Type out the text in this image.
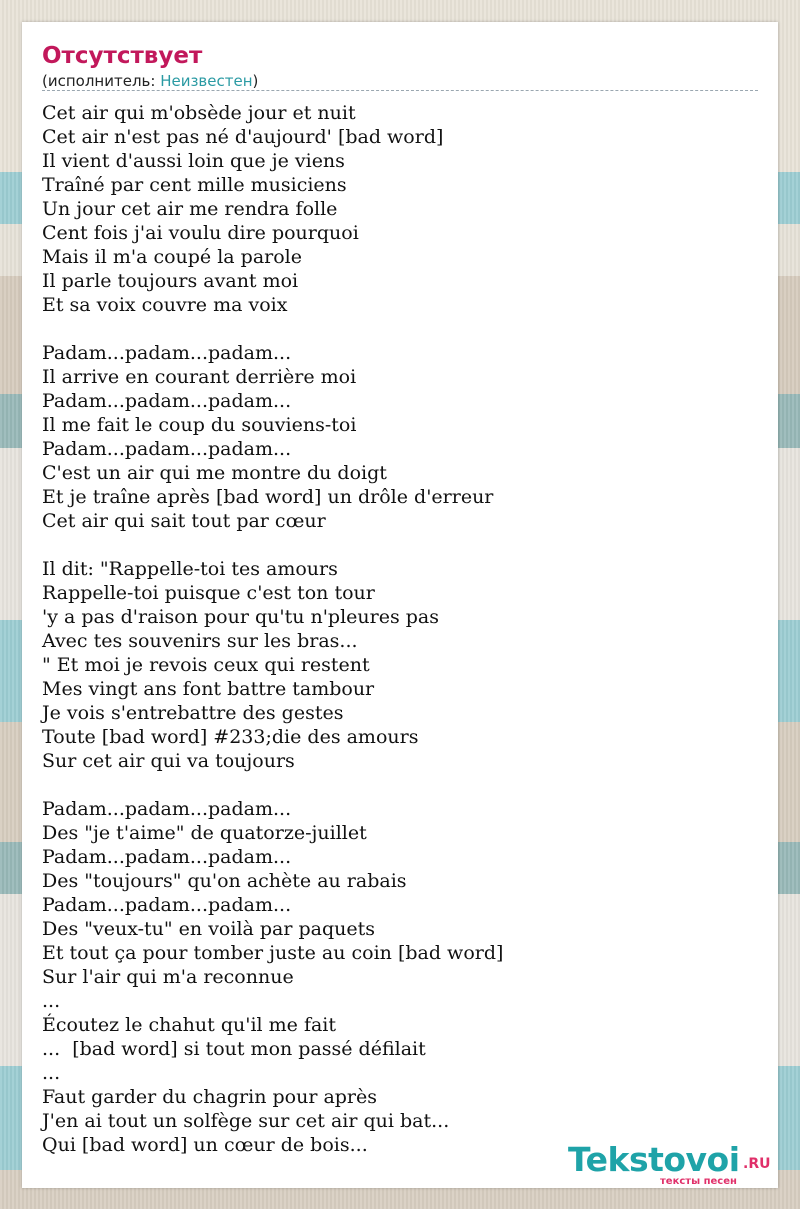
Отсутствует
(исполнитель: Неизвестен)
Cet air qui m'obsède jour et nuit
Cet air n'est pas né d'aujourd' [bad word]
Il vient d'aussi loin que je viens
Traîné par cent mille musiciens
Un jour cet air me rendra folle
Cent fois j'ai voulu dire pourquoi
Mais il m'a coupé la parole
Il parle toujours avant moi
Et sa voix couvre ma voix
Padam...padam...padam...
Il arrive en courant derrière moi
Padam...padam...padam...
Il me fait le coup du souviens-toi
Padam...padam...padam...
C'est un air qui me montre du doigt
Et je traîne après [bad word] un drôle d'erreur
Cet air qui sait tout par cœur
Il dit: "Rappelle-toi tes amours
Rappelle-toi puisque c'est ton tour
'y a pas d'raison pour qu'tu n'pleures pas
Avec tes souvenirs sur les bras...
" Et moi je revois ceux qui restent
Mes vingt ans font battre tambour
Je vois s'entrebattre des gestes
Toute [bad word] #233;die des amours
Sur cet air qui va toujours
Padam...padam...padam...
Des "je t'aime" de quatorze-juillet
Padam...padam...padam...
Des "toujours" qu'on achète au rabais
Padam...padam...padam...
Des "veux-tu" en voilà par paquets
Et tout ça pour tomber juste au coin [bad word]
Sur l'air qui m'a reconnue
...
Écoutez le chahut qu'il me fait
...  [bad word] si tout mon passé défilait
...
Faut garder du chagrin pour après
J'en ai tout un solfège sur cet air qui bat...
Qui [bad word] un cœur de bois...	Tekstovoi .RU
тексты песен
